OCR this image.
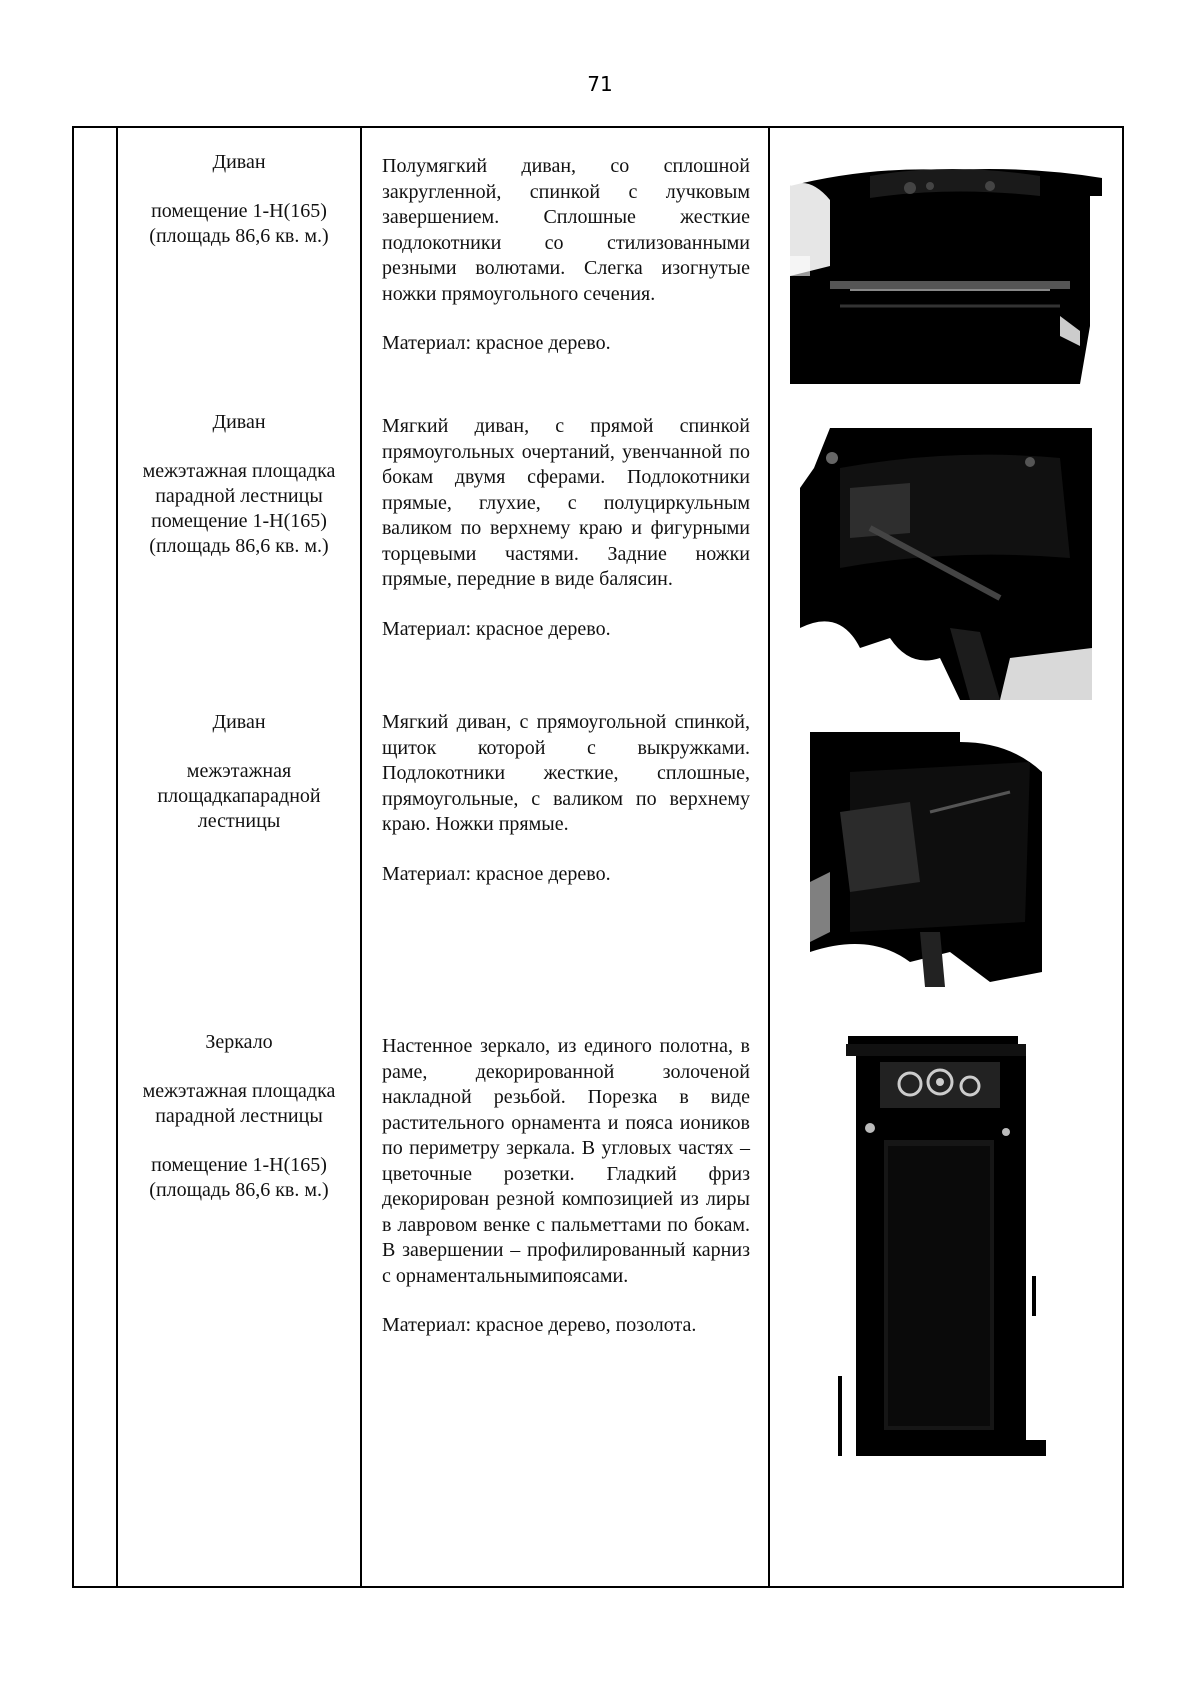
71
Диван
помещение 1-Н(165)
(площадь 86,6 кв. м.)

Полумягкий диван, со сплошной закругленной, спинкой с лучковым завершением. Сплошные жесткие подлокотники со стилизованными резными волютами. Слегка изогнутые ножки прямоугольного сечения.

Материал: красное дерево.

Диван
межэтажная площадка
парадной лестницы
помещение 1-Н(165)
(площадь 86,6 кв. м.)

Мягкий диван, с прямой спинкой прямоугольных очертаний, увенчанной по бокам двумя сферами. Подлокотники прямые, глухие, с полуциркульным валиком по верхнему краю и фигурными торцевыми частями. Задние ножки прямые, передние в виде балясин.

Материал: красное дерево.

Диван
межэтажная
площадкапарадной
лестницы

Мягкий диван, с прямоугольной спинкой, щиток которой с выкружками. Подлокотники жесткие, сплошные, прямоугольные, с валиком по верхнему краю. Ножки прямые.

Материал: красное дерево.

Зеркало
межэтажная площадка
парадной лестницы
помещение 1-Н(165)
(площадь 86,6 кв. м.)

Настенное зеркало, из единого полотна, в раме, декорированной золоченой накладной резьбой. Порезка в виде растительного орнамента и пояса иоников по периметру зеркала. В угловых частях – цветочные розетки. Гладкий фриз декорирован резной композицией из лиры в лавровом венке с пальметтами по бокам. В завершении – профилированный карниз с орнаментальнымипоясами.

Материал: красное дерево, позолота.
